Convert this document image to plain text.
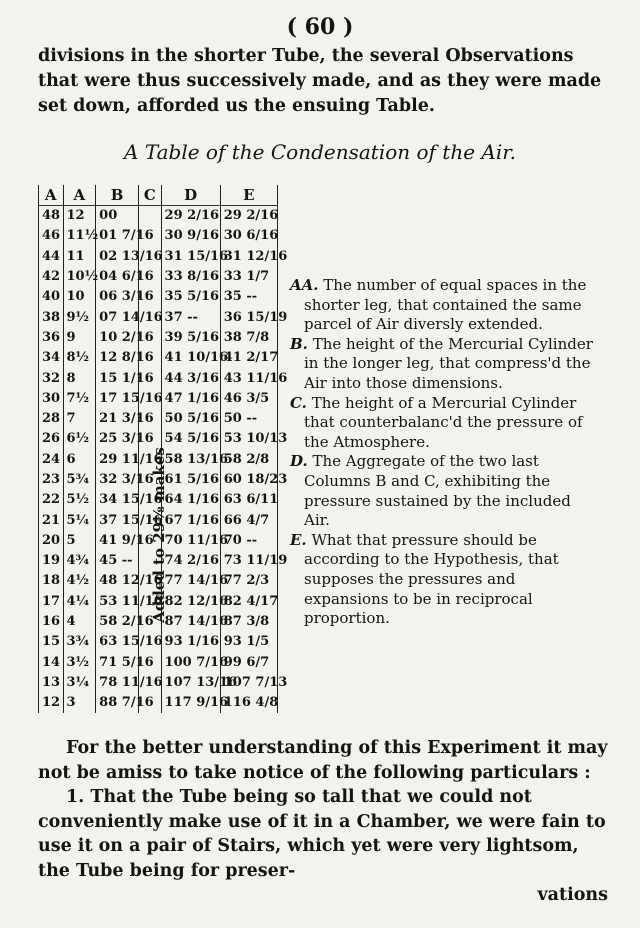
( 60 )
divisions in the shorter Tube, the several Observations that were thus successively made, and as they were made set down, afforded us the ensuing Table.
A Table of the Condensation of the Air.
A	A	B	C	D	E
48	12	00		29 2/16	29 2/16
46	11½	01 7/16		30 9/16	30 6/16
44	11	02 13/16		31 15/16	31 12/16
42	10½	04 6/16		33 8/16	33 1/7
40	10	06 3/16		35 5/16	35 --
38	9½	07 14/16		37 --	36 15/19
36	9	10 2/16		39 5/16	38 7/8
34	8½	12 8/16		41 10/16	41 2/17
32	8	15 1/16		44 3/16	43 11/16
30	7½	17 15/16		47 1/16	46 3/5
28	7	21 3/16		50 5/16	50 --
26	6½	25 3/16		54 5/16	53 10/13
24	6	29 11/16		58 13/16	58 2/8
23	5¾	32 3/16		61 5/16	60 18/23
22	5½	34 15/16		64 1/16	63 6/11
21	5¼	37 15/16		67 1/16	66 4/7
20	5	41 9/16		70 11/16	70 --
19	4¾	45 --		74 2/16	73 11/19
18	4½	48 12/16		77 14/16	77 2/3
17	4¼	53 11/16		82 12/16	82 4/17
16	4	58 2/16		87 14/16	87 3/8
15	3¾	63 15/16		93 1/16	93 1/5
14	3½	71 5/16		100 7/16	99 6/7
13	3¼	78 11/16		107 13/16	107 7/13
12	3	88 7/16		117 9/16	116 4/8
Added to 29⅛ makes
AA. The number of equal spaces in the shorter leg, that contained the same parcel of Air diversly extended.
B. The height of the Mercurial Cylinder in the longer leg, that compress'd the Air into those dimensions.
C. The height of a Mercurial Cylinder that counterbalanc'd the pressure of the Atmosphere.
D. The Aggregate of the two last Columns B and C, exhibiting the pressure sustained by the included Air.
E. What that pressure should be according to the Hypothesis, that supposes the pressures and expansions to be in reciprocal proportion.

For the better understanding of this Experiment it may not be amiss to take notice of the following particulars :

1. That the Tube being so tall that we could not conveniently make use of it in a Chamber, we were fain to use it on a pair of Stairs, which yet were very lightsom, the Tube being for preser-

vations
